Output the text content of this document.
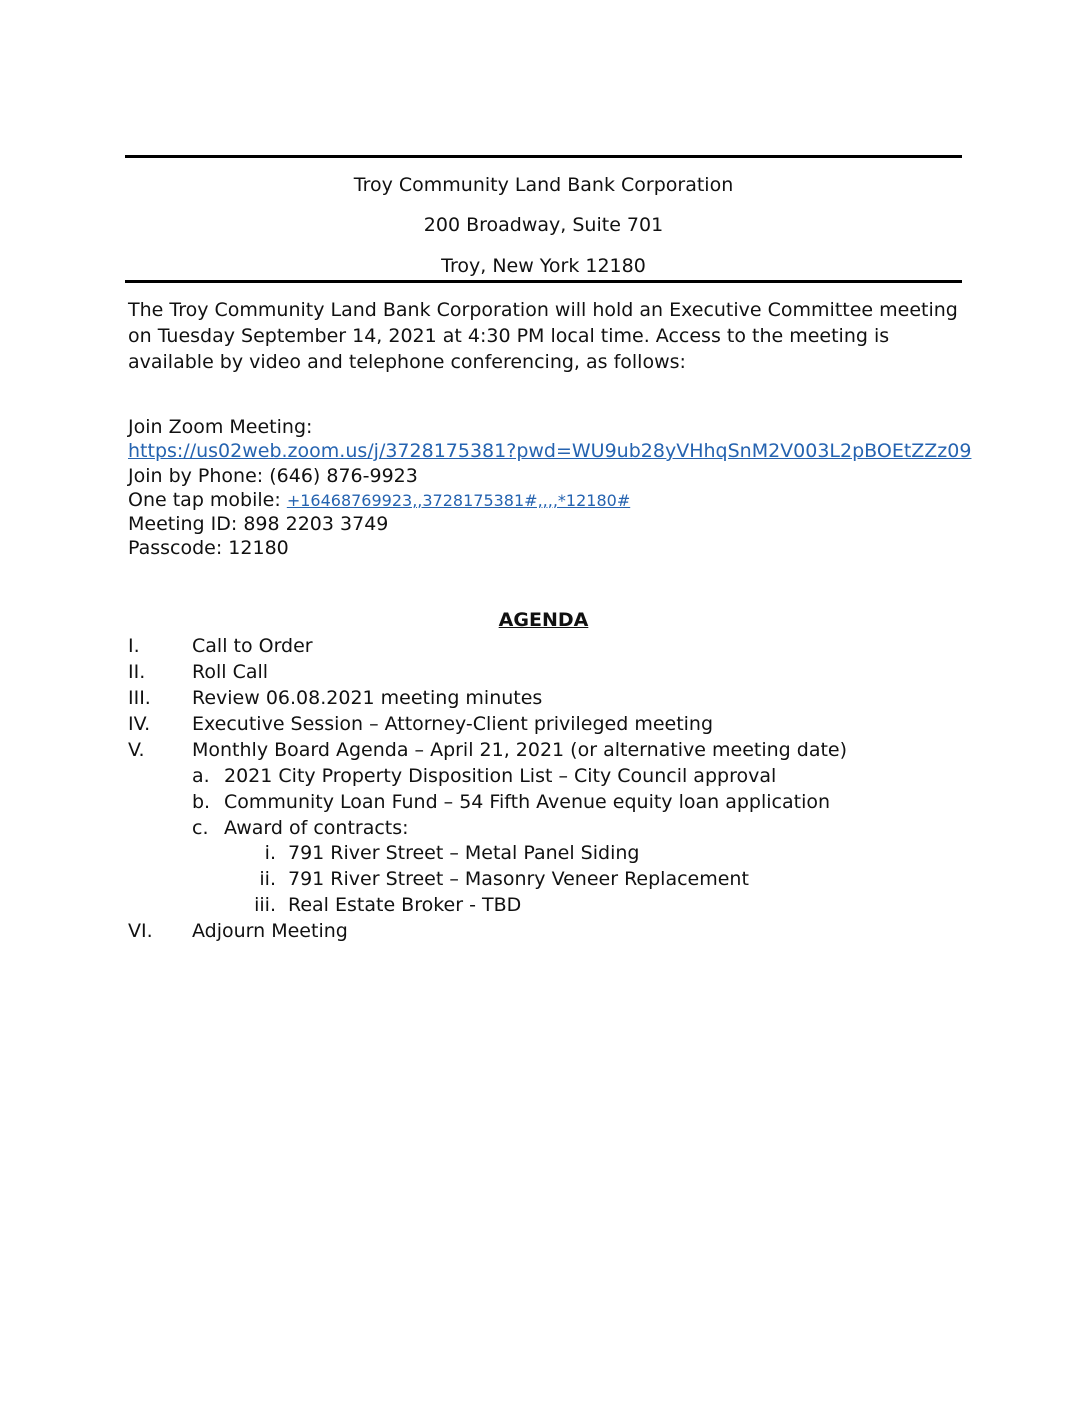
Troy Community Land Bank Corporation
200 Broadway, Suite 701
Troy, New York 12180
The Troy Community Land Bank Corporation will hold an Executive Committee meeting on Tuesday September 14, 2021 at 4:30 PM local time. Access to the meeting is available by video and telephone conferencing, as follows:
Join Zoom Meeting:
https://us02web.zoom.us/j/3728175381?pwd=WU9ub28yVHhqSnM2V003L2pBOEtZZz09
Join by Phone: (646) 876-9923
One tap mobile: +16468769923,,3728175381#,,,,*12180#
Meeting ID: 898 2203 3749
Passcode: 12180
AGENDA
I.	Call to Order
II. Roll Call
III. Review 06.08.2021 meeting minutes
IV. Executive Session – Attorney-Client privileged meeting
V. Monthly Board Agenda – April 21, 2021 (or alternative meeting date)
a. 2021 City Property Disposition List – City Council approval
b. Community Loan Fund – 54 Fifth Avenue equity loan application
c. Award of contracts:
i. 791 River Street – Metal Panel Siding
ii. 791 River Street – Masonry Veneer Replacement
iii. Real Estate Broker - TBD
VI. Adjourn Meeting
